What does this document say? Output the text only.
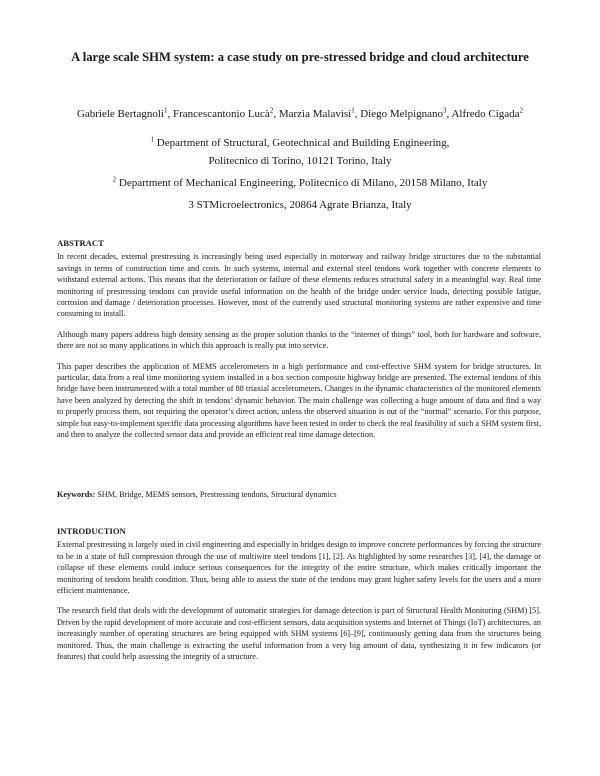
A large scale SHM system: a case study on pre-stressed bridge and cloud architecture
Gabriele Bertagnoli$^1$, Francescantonio Lucà$^2$, Marzia Malavisi$^1$, Diego Melpignano$^3$, Alfredo Cigada$^2$
$^1$ Department of Structural, Geotechnical and Building Engineering,
Politecnico di Torino, 10121 Torino, Italy
$^2$ Department of Mechanical Engineering, Politecnico di Milano, 20158 Milano, Italy
3 STMicroelectronics, 20864 Agrate Brianza, Italy
ABSTRACT

In recent decades, external prestressing is increasingly being used especially in motorway and railway bridge structures due to the substantial savings in terms of construction time and costs. In such systems, internal and external steel tendons work together with concrete elements to withstand external actions. This means that the deterioration or failure of these elements reduces structural safety in a meaningful way. Real time monitoring of prestressing tendons can provide useful information on the health of the bridge under service loads, detecting possible fatigue, corrosion and damage / deterioration processes. However, most of the currently used structural monitoring systems are rather expensive and time consuming to install.

Although many papers address high density sensing as the proper solution thanks to the “internet of things” tool, both for hardware and software, there are not so many applications in which this approach is really put into service.

This paper describes the application of MEMS accelerometers in a high performance and cost-effective SHM system for bridge structures. In particular, data from a real time monitoring system installed in a box section composite highway bridge are presented. The external tendons of this bridge have been instrumented with a total number of 88 triaxial accelerometers. Changes in the dynamic characteristics of the monitored elements have been analyzed by detecting the shift in tendons’ dynamic behavior. The main challenge was collecting a huge amount of data and find a way to properly process them, not requiring the operator’s direct action, unless the observed situation is out of the “normal” scenario. For this purpose, simple but easy-to-implement specific data processing algorithms have been tested in order to check the real feasibility of such a SHM system first, and then to analyze the collected sensor data and provide an efficient real time damage detection.

Keywords: SHM, Bridge, MEMS sensors, Prestressing tendons, Structural dynamics
INTRODUCTION

External prestressing is largely used in civil engineering and especially in bridges design to improve concrete performances by forcing the structure to be in a state of full compression through the use of multiwire steel tendons [1], [2]. As highlighted by some researches [3], [4], the damage or collapse of these elements could induce serious consequences for the integrity of the entire structure, which makes critically important the monitoring of tendons health condition. Thus, being able to assess the state of the tendons may grant higher safety levels for the users and a more efficient maintenance.

The research field that deals with the development of automatic strategies for damage detection is part of Structural Health Monitoring (SHM) [5]. Driven by the rapid development of more accurate and cost-efficient sensors, data acquisition systems and Internet of Things (IoT) architectures, an increasingly number of operating structures are being equipped with SHM systems [6]–[9], continuously getting data from the structures being monitored. Thus, the main challenge is extracting the useful information from a very big amount of data, synthesizing it in few indicators (or features) that could help assessing the integrity of a structure.
